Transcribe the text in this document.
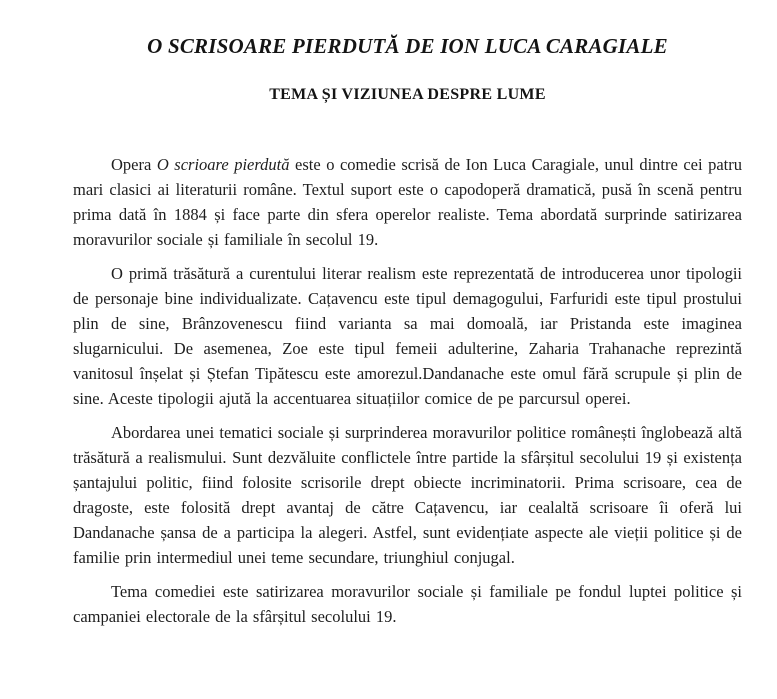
O SCRISOARE PIERDUTĂ DE ION LUCA CARAGIALE
TEMA ȘI VIZIUNEA DESPRE LUME

Opera O scrioare pierdută este o comedie scrisă de Ion Luca Caragiale, unul dintre cei patru mari clasici ai literaturii române. Textul suport este o capodoperă dramatică, pusă în scenă pentru prima dată în 1884 și face parte din sfera operelor realiste. Tema abordată surprinde satirizarea moravurilor sociale și familiale în secolul 19.

O primă trăsătură a curentului literar realism este reprezentată de introducerea unor tipologii de personaje bine individualizate. Cațavencu este tipul demagogului, Farfuridi este tipul prostului plin de sine, Brânzovenescu fiind varianta sa mai domoală, iar Pristanda este imaginea slugarnicului. De asemenea, Zoe este tipul femeii adulterine, Zaharia Trahanache reprezintă vanitosul înșelat și Ștefan Tipătescu este amorezul.Dandanache este omul fără scrupule și plin de sine. Aceste tipologii ajută la accentuarea situațiilor comice de pe parcursul operei.

Abordarea unei tematici sociale și surprinderea moravurilor politice românești înglobează altă trăsătură a realismului. Sunt dezvăluite conflictele între partide la sfârșitul secolului 19 și existența șantajului politic, fiind folosite scrisorile drept obiecte incriminatorii. Prima scrisoare, cea de dragoste, este folosită drept avantaj de către Cațavencu, iar cealaltă scrisoare îi oferă lui Dandanache șansa de a participa la alegeri. Astfel, sunt evidențiate aspecte ale vieții politice și de familie prin intermediul unei teme secundare, triunghiul conjugal.

Tema comediei este satirizarea moravurilor sociale și familiale pe fondul luptei politice și campaniei electorale de la sfârșitul secolului 19.
